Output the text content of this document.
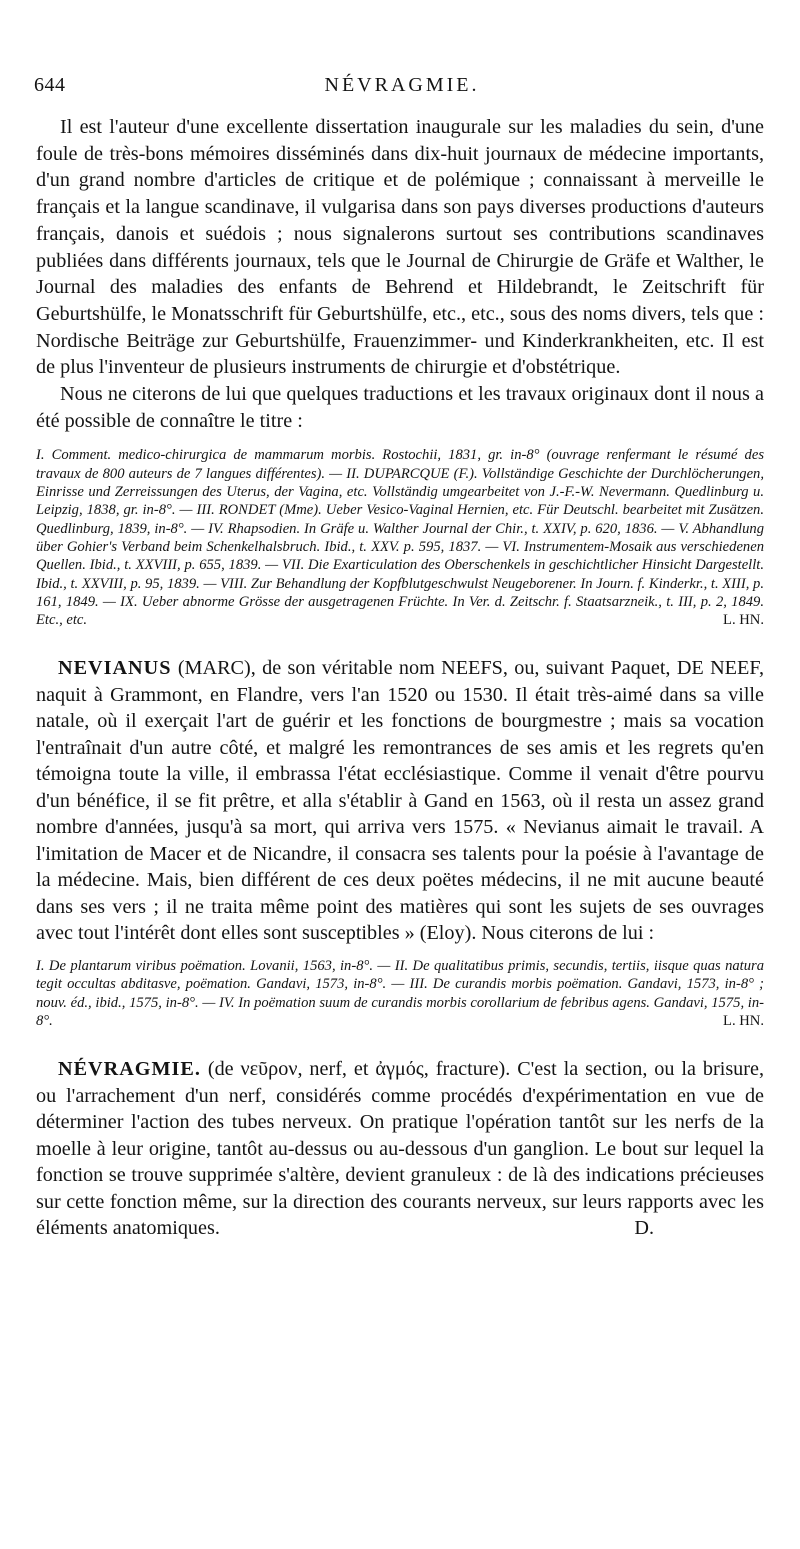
644	NÉVRAGMIE.

Il est l'auteur d'une excellente dissertation inaugurale sur les maladies du sein, d'une foule de très-bons mémoires disséminés dans dix-huit journaux de médecine importants, d'un grand nombre d'articles de critique et de polémique ; connaissant à merveille le français et la langue scandinave, il vulgarisa dans son pays diverses productions d'auteurs français, danois et suédois ; nous signalerons surtout ses contributions scandinaves publiées dans différents journaux, tels que le Journal de Chirurgie de Gräfe et Walther, le Journal des maladies des enfants de Behrend et Hildebrandt, le Zeitschrift für Geburtshülfe, le Monatsschrift für Geburtshülfe, etc., etc., sous des noms divers, tels que : Nordische Beiträge zur Geburtshülfe, Frauenzimmer- und Kinderkrankheiten, etc. Il est de plus l'inventeur de plusieurs instruments de chirurgie et d'obstétrique.

Nous ne citerons de lui que quelques traductions et les travaux originaux dont il nous a été possible de connaître le titre :

I. Comment. medico-chirurgica de mammarum morbis. Rostochii, 1831, gr. in-8° (ouvrage renfermant le résumé des travaux de 800 auteurs de 7 langues différentes). — II. DUPARCQUE (F.). Vollständige Geschichte der Durchlöcherungen, Einrisse und Zerreissungen des Uterus, der Vagina, etc. Vollständig umgearbeitet von J.-F.-W. Nevermann. Quedlinburg u. Leipzig, 1838, gr. in-8°. — III. RONDET (Mme). Ueber Vesico-Vaginal Hernien, etc. Für Deutschl. bearbeitet mit Zusätzen. Quedlinburg, 1839, in-8°. — IV. Rhapsodien. In Gräfe u. Walther Journal der Chir., t. XXIV, p. 620, 1836. — V. Abhandlung über Gohier's Verband beim Schenkelhalsbruch. Ibid., t. XXV. p. 595, 1837. — VI. Instrumentem-Mosaik aus verschiedenen Quellen. Ibid., t. XXVIII, p. 655, 1839. — VII. Die Exarticulation des Oberschenkels in geschichtlicher Hinsicht Dargestellt. Ibid., t. XXVIII, p. 95, 1839. — VIII. Zur Behandlung der Kopfblutgeschwulst Neugeborener. In Journ. f. Kinderkr., t. XIII, p. 161, 1849. — IX. Ueber abnorme Grösse der ausgetragenen Früchte. In Ver. d. Zeitschr. f. Staatsarzneik., t. III, p. 2, 1849. Etc., etc.	L. HN.

NEVIANUS (MARC), de son véritable nom NEEFS, ou, suivant Paquet, DE NEEF, naquit à Grammont, en Flandre, vers l'an 1520 ou 1530. Il était très-aimé dans sa ville natale, où il exerçait l'art de guérir et les fonctions de bourgmestre ; mais sa vocation l'entraînait d'un autre côté, et malgré les remontrances de ses amis et les regrets qu'en témoigna toute la ville, il embrassa l'état ecclésiastique. Comme il venait d'être pourvu d'un bénéfice, il se fit prêtre, et alla s'établir à Gand en 1563, où il resta un assez grand nombre d'années, jusqu'à sa mort, qui arriva vers 1575. « Nevianus aimait le travail. A l'imitation de Macer et de Nicandre, il consacra ses talents pour la poésie à l'avantage de la médecine. Mais, bien différent de ces deux poëtes médecins, il ne mit aucune beauté dans ses vers ; il ne traita même point des matières qui sont les sujets de ses ouvrages avec tout l'intérêt dont elles sont susceptibles » (Eloy). Nous citerons de lui :

I. De plantarum viribus poëmation. Lovanii, 1563, in-8°. — II. De qualitatibus primis, secundis, tertiis, iisque quas natura tegit occultas abditasve, poëmation. Gandavi, 1573, in-8°. — III. De curandis morbis poëmation. Gandavi, 1573, in-8° ; nouv. éd., ibid., 1575, in-8°. — IV. In poëmation suum de curandis morbis corollarium de febribus agens. Gandavi, 1575, in-8°.	L. HN.

NÉVRAGMIE. (de νεῦρον, nerf, et ἀγμός, fracture). C'est la section, ou la brisure, ou l'arrachement d'un nerf, considérés comme procédés d'expérimentation en vue de déterminer l'action des tubes nerveux. On pratique l'opération tantôt sur les nerfs de la moelle à leur origine, tantôt au-dessus ou au-dessous d'un ganglion. Le bout sur lequel la fonction se trouve supprimée s'altère, devient granuleux : de là des indications précieuses sur cette fonction même, sur la direction des courants nerveux, sur leurs rapports avec les éléments anatomiques.	D.
